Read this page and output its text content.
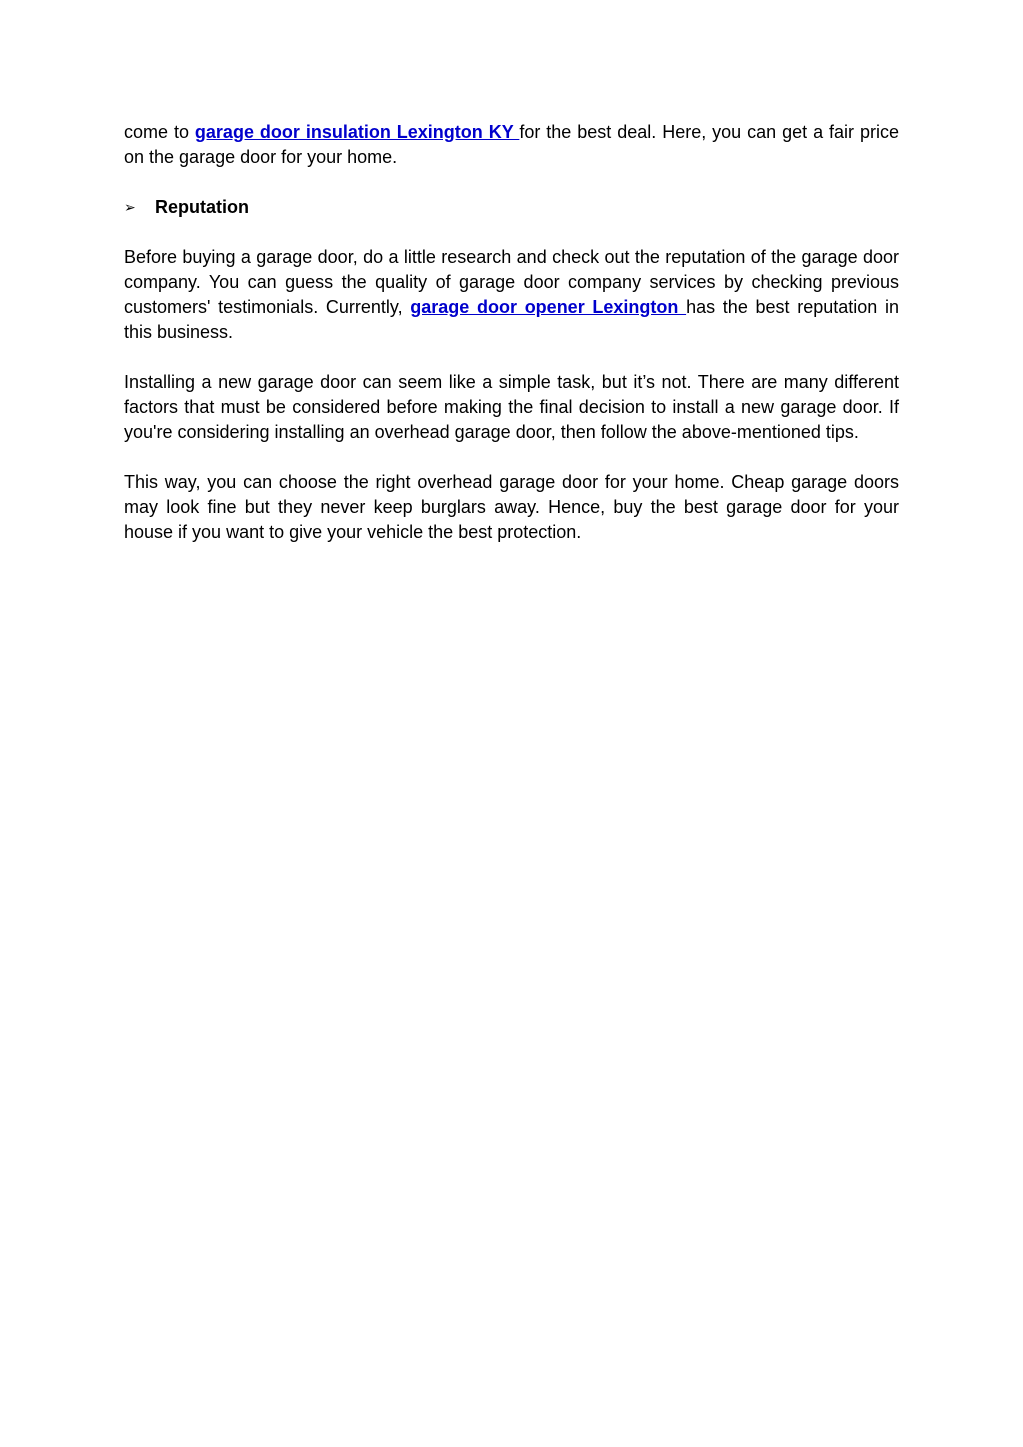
come to garage door insulation Lexington KY for the best deal. Here, you can get a fair price on the garage door for your home.

➢	Reputation

Before buying a garage door, do a little research and check out the reputation of the garage door company. You can guess the quality of garage door company services by checking previous customers' testimonials. Currently, garage door opener Lexington has the best reputation in this business.

Installing a new garage door can seem like a simple task, but it’s not. There are many different factors that must be considered before making the final decision to install a new garage door. If you're considering installing an overhead garage door, then follow the above-mentioned tips.

This way, you can choose the right overhead garage door for your home. Cheap garage doors may look fine but they never keep burglars away. Hence, buy the best garage door for your house if you want to give your vehicle the best protection.
